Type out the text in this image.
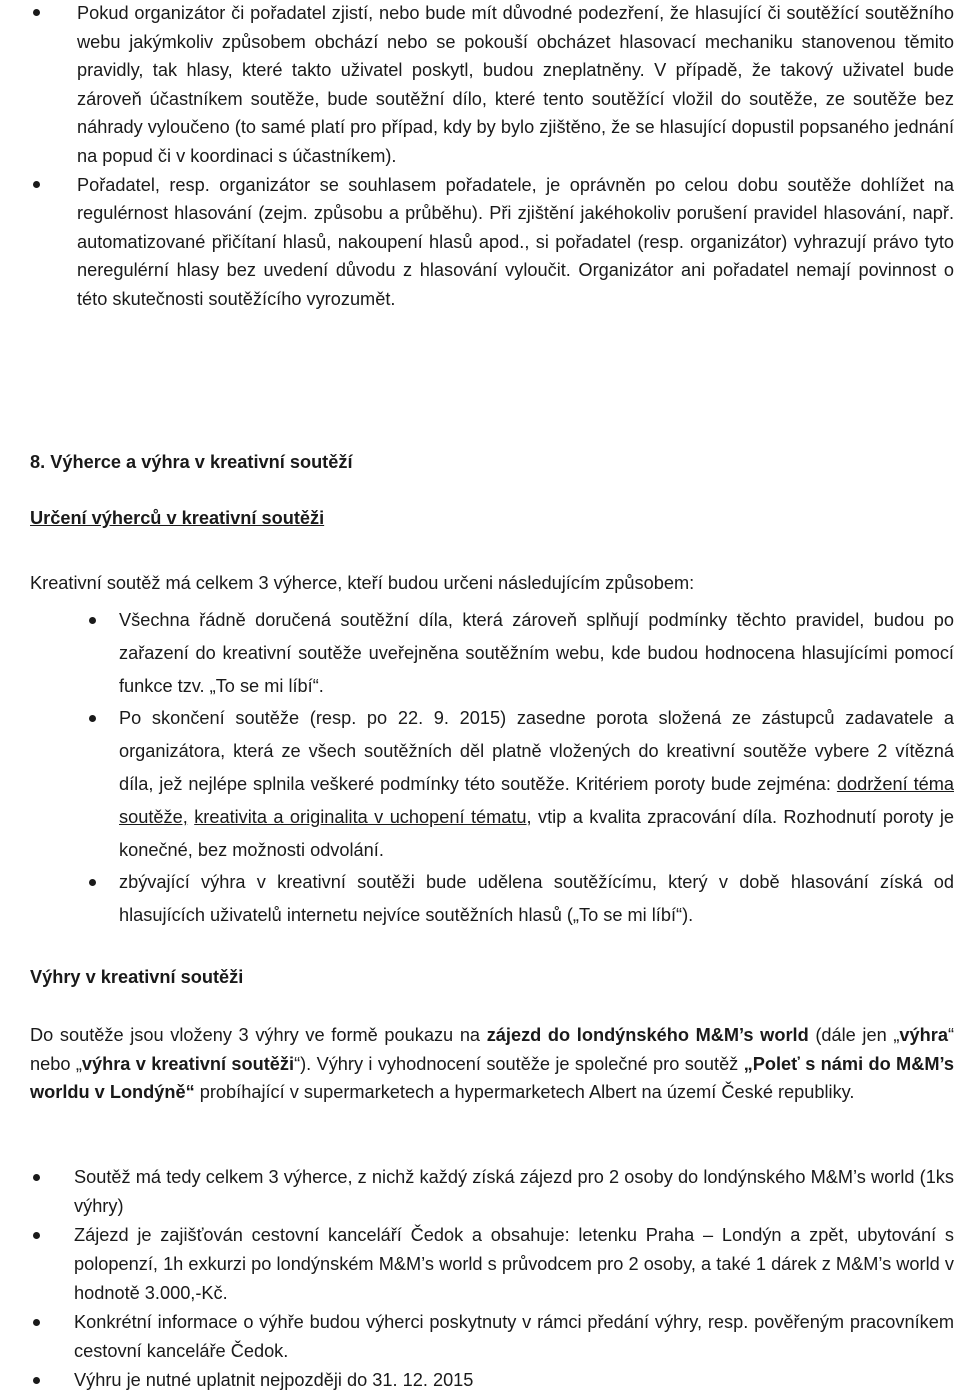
Pokud organizátor či pořadatel zjistí, nebo bude mít důvodné podezření, že hlasující či soutěžící soutěžního webu jakýmkoliv způsobem obchází nebo se pokouší obcházet hlasovací mechaniku stanovenou těmito pravidly, tak hlasy, které takto uživatel poskytl, budou zneplatněny. V případě, že takový uživatel bude zároveň účastníkem soutěže, bude soutěžní dílo, které tento soutěžící vložil do soutěže, ze soutěže bez náhrady vyloučeno (to samé platí pro případ, kdy by bylo zjištěno, že se hlasující dopustil popsaného jednání na popud či v koordinaci s účastníkem).
Pořadatel, resp. organizátor se souhlasem pořadatele, je oprávněn po celou dobu soutěže dohlížet na regulérnost hlasování (zejm. způsobu a průběhu). Při zjištění jakéhokoliv porušení pravidel hlasování, např. automatizované přičítaní hlasů, nakoupení hlasů apod., si pořadatel (resp. organizátor) vyhrazují právo tyto neregulérní hlasy bez uvedení důvodu z hlasování vyloučit. Organizátor ani pořadatel nemají povinnost o této skutečnosti soutěžícího vyrozumět.
8. Výherce a výhra v kreativní soutěží
Určení výherců v kreativní soutěži

Kreativní soutěž má celkem 3 výherce, kteří budou určeni následujícím způsobem:

Všechna řádně doručená soutěžní díla, která zároveň splňují podmínky těchto pravidel, budou po zařazení do kreativní soutěže uveřejněna soutěžním webu, kde budou hodnocena hlasujícími pomocí funkce tzv. „To se mi líbí“.
Po skončení soutěže (resp. po 22. 9. 2015) zasedne porota složená ze zástupců zadavatele a organizátora, která ze všech soutěžních děl platně vložených do kreativní soutěže vybere 2 vítězná díla, jež nejlépe splnila veškeré podmínky této soutěže. Kritériem poroty bude zejména: dodržení téma soutěže, kreativita a originalita v uchopení tématu, vtip a kvalita zpracování díla. Rozhodnutí poroty je konečné, bez možnosti odvolání.
zbývající výhra v kreativní soutěži bude udělena soutěžícímu, který v době hlasování získá od hlasujících uživatelů internetu nejvíce soutěžních hlasů („To se mi líbí“).
Výhry v kreativní soutěži

Do soutěže jsou vloženy 3 výhry ve formě poukazu na zájezd do londýnského M&M’s world (dále jen „výhra“ nebo „výhra v kreativní soutěži“). Výhry i vyhodnocení soutěže je společné pro soutěž „Poleť s námi do M&M’s worldu v Londýně“ probíhající v supermarketech a hypermarketech Albert na území České republiky.

Soutěž má tedy celkem 3 výherce, z nichž každý získá zájezd pro 2 osoby do londýnského M&M’s world (1ks výhry)
Zájezd je zajišťován cestovní kanceláří Čedok a obsahuje: letenku Praha – Londýn a zpět, ubytování s polopenzí, 1h exkurzi po londýnském M&M’s world s průvodcem pro 2 osoby, a také 1 dárek z M&M’s world v hodnotě 3.000,-Kč.
Konkrétní informace o výhře budou výherci poskytnuty v rámci předání výhry, resp. pověřeným pracovníkem cestovní kanceláře Čedok.
Výhru je nutné uplatnit nejpozději do 31. 12. 2015
